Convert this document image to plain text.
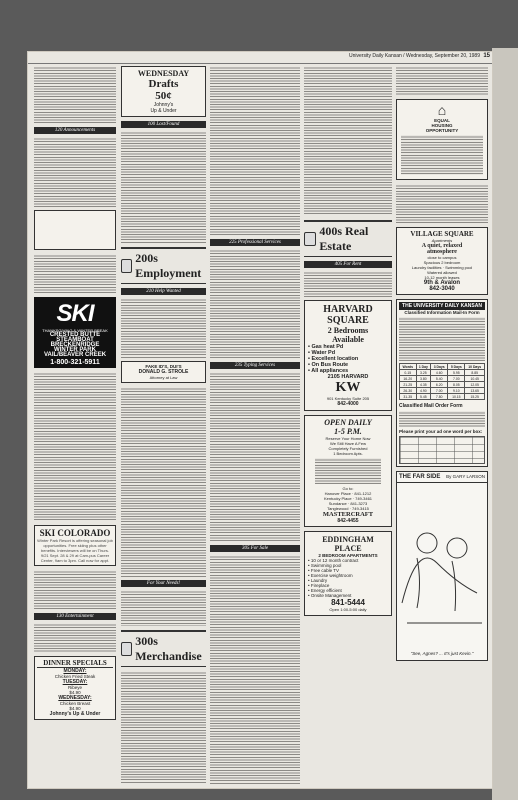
University Daily Kansan / Wednesday, September 20, 1989 15
120 Announcements
SKI
THANKSGIVING & WINTER BREAK
CRESTED BUTTE
STEAMBOAT
BRECKENRIDGE
WINTER PARK
VAIL/BEAVER CREEK
1-800-321-5911
SKI COLORADO
Winter Park Resort is offering seasonal job opportunities. Free skiing plus other benefits. Interviewers will be on Thurs. 9/21 Sept. 28 & 29 at Cam-pus Career Center, 9am to 3pm. Call now for appt.
130 Entertainment
DINNER SPECIALS
MONDAY:
Chicken Fried Steak
TUESDAY:
Ribeye
$4.90
WEDNESDAY:
Chicken Breast
$4.90
Johnny's Up & Under
WEDNESDAY
Drafts
50¢
Johnny's
Up & Under
100 Lost/Found
200s Employment
210 Help Wanted
FAKE ID'S, DUI'S
DONALD G. STROLE
Attorney at Law
For Your Needs!
300s Merchandise
225 Professional Services
235 Typing Services
305 For Sale
400s Real Estate
405 For Rent
HARVARD
SQUARE
2 Bedrooms
Available
• Gas heat Pd
• Water Pd
• Excellent location
• On Bus Route
• All appliances
2105 HARVARD
KW
901 Kentucky Suite 205
842-4000
OPEN DAILY
1-5 P.M.
Reserve Your Home Now
We Still Have A Few
Completely Furnished
1 Bedroom Apts.
Go to:
Hanover Place · 841-1212
Kentucky Place · 749-3461
Sundance · 841-3273
Tanglewood · 749-3415
MASTERCRAFT
842-4455
EDDINGHAM
PLACE
2 BEDROOM APARTMENTS
• 10 or 12 month contract
• Swimming pool
• Free cable TV
• Exercise weightroom
• Laundry
• Fireplace
• Energy efficient
• Onsite Management
841-5444
Open 1:00-5:00 daily
⌂
EQUAL
HOUSING
OPPORTUNITY
VILLAGE SQUARE
Apartments
A quiet, relaxed
atmosphere
close to campus
Spacious 2 bedroom
Laundry facilities · Swimming pool
Watered allowed
10-12 month leases
9th & Avalon
842-3040
THE UNIVERSITY DAILY KANSAN
Classified Information Mail-In Form
Words	1 Day	3 Days	5 Days	10 Days
0-15	3.25	4.60	5.95	8.85
16-20	3.80	5.40	7.00	10.45
21-25	4.35	6.20	8.05	12.05
26-30	4.90	7.00	9.10	13.65
31-35	5.45	7.80	10.15	15.25
Classified Mail Order Form
Please print your ad one word per box:
THE FAR SIDE By GARY LARSON
"See, Agnes? ... It's just Kevin."
